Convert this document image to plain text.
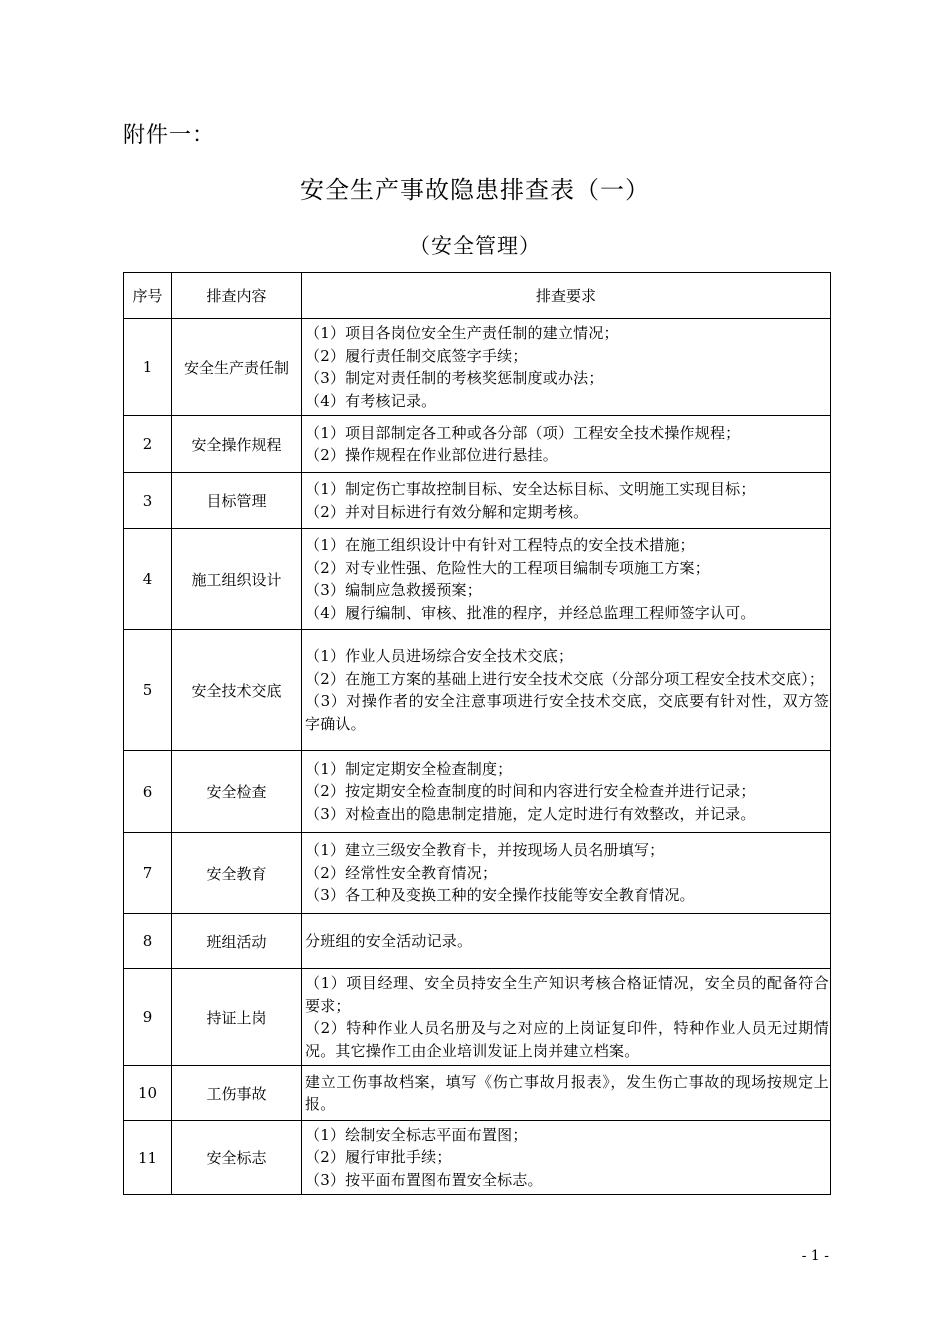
附件一：
安全生产事故隐患排查表（一）
（安全管理）
序号	排查内容	排查要求
1	安全生产责任制	（1）项目各岗位安全生产责任制的建立情况；
（2）履行责任制交底签字手续；
（3）制定对责任制的考核奖惩制度或办法；
（4）有考核记录。

2	安全操作规程	（1）项目部制定各工种或各分部（项）工程安全技术操作规程；
（2）操作规程在作业部位进行悬挂。

3	目标管理	（1）制定伤亡事故控制目标、安全达标目标、文明施工实现目标；
（2）并对目标进行有效分解和定期考核。

4	施工组织设计	（1）在施工组织设计中有针对工程特点的安全技术措施；
（2）对专业性强、危险性大的工程项目编制专项施工方案；
（3）编制应急救援预案；
（4）履行编制、审核、批准的程序，并经总监理工程师签字认可。

5	安全技术交底	（1）作业人员进场综合安全技术交底；
（2）在施工方案的基础上进行安全技术交底（分部分项工程安全技术交底）；
（3）对操作者的安全注意事项进行安全技术交底，交底要有针对性，双方签字确认。

6	安全检查	（1）制定定期安全检查制度；
（2）按定期安全检查制度的时间和内容进行安全检查并进行记录；
（3）对检查出的隐患制定措施，定人定时进行有效整改，并记录。

7	安全教育	（1）建立三级安全教育卡，并按现场人员名册填写；
（2）经常性安全教育情况；
（3）各工种及变换工种的安全操作技能等安全教育情况。

8	班组活动	分班组的安全活动记录。

9	持证上岗	（1）项目经理、安全员持安全生产知识考核合格证情况，安全员的配备符合要求；
（2）特种作业人员名册及与之对应的上岗证复印件，特种作业人员无过期情况。其它操作工由企业培训发证上岗并建立档案。

10	工伤事故	建立工伤事故档案，填写《伤亡事故月报表》，发生伤亡事故的现场按规定上报。

11	安全标志	（1）绘制安全标志平面布置图；
（2）履行审批手续；
（3）按平面布置图布置安全标志。
- 1 -
